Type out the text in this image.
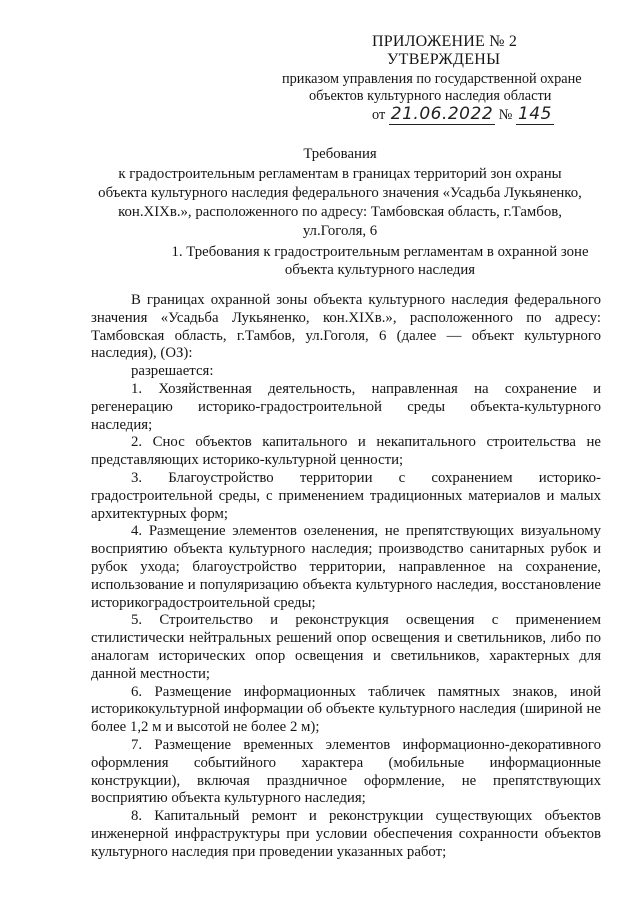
ПРИЛОЖЕНИЕ № 2
УТВЕРЖДЕНЫ
приказом управления по государственной охране
объектов культурного наследия области
от 21.06.2022 № 145
Требования
к градостроительным регламентам в границах территорий зон охраны
объекта культурного наследия федерального значения «Усадьба Лукьяненко,
кон.XIXв.», расположенного по адресу: Тамбовская область, г.Тамбов,
ул.Гоголя, 6
1. Требования к градостроительным регламентам в охранной зоне
объекта культурного наследия

В границах охранной зоны объекта культурного наследия федерального значения «Усадьба Лукьяненко, кон.XIXв.», расположенного по адресу: Тамбовская область, г.Тамбов, ул.Гоголя, 6 (далее — объект культурного наследия), (ОЗ):

разрешается:

1. Хозяйственная деятельность, направленная на сохранение и регенерацию историко-градостроительной среды объекта-культурного наследия;

2. Снос объектов капитального и некапитального строительства не представляющих историко-культурной ценности;

3. Благоустройство территории с сохранением историко-градостроительной среды, с применением традиционных материалов и малых архитектурных форм;

4. Размещение элементов озеленения, не препятствующих визуальному восприятию объекта культурного наследия; производство санитарных рубок и рубок ухода; благоустройство территории, направленное на сохранение, использование и популяризацию объекта культурного наследия, восстановление историкоградостроительной среды;

5. Строительство и реконструкция освещения с применением стилистически нейтральных решений опор освещения и светильников, либо по аналогам исторических опор освещения и светильников, характерных для данной местности;

6. Размещение информационных табличек памятных знаков, иной историкокультурной информации об объекте культурного наследия (шириной не более 1,2 м и высотой не более 2 м);

7. Размещение временных элементов информационно-декоративного оформления событийного характера (мобильные информационные конструкции), включая праздничное оформление, не препятствующих восприятию объекта культурного наследия;

8. Капитальный ремонт и реконструкции существующих объектов инженерной инфраструктуры при условии обеспечения сохранности объектов культурного наследия при проведении указанных работ;
